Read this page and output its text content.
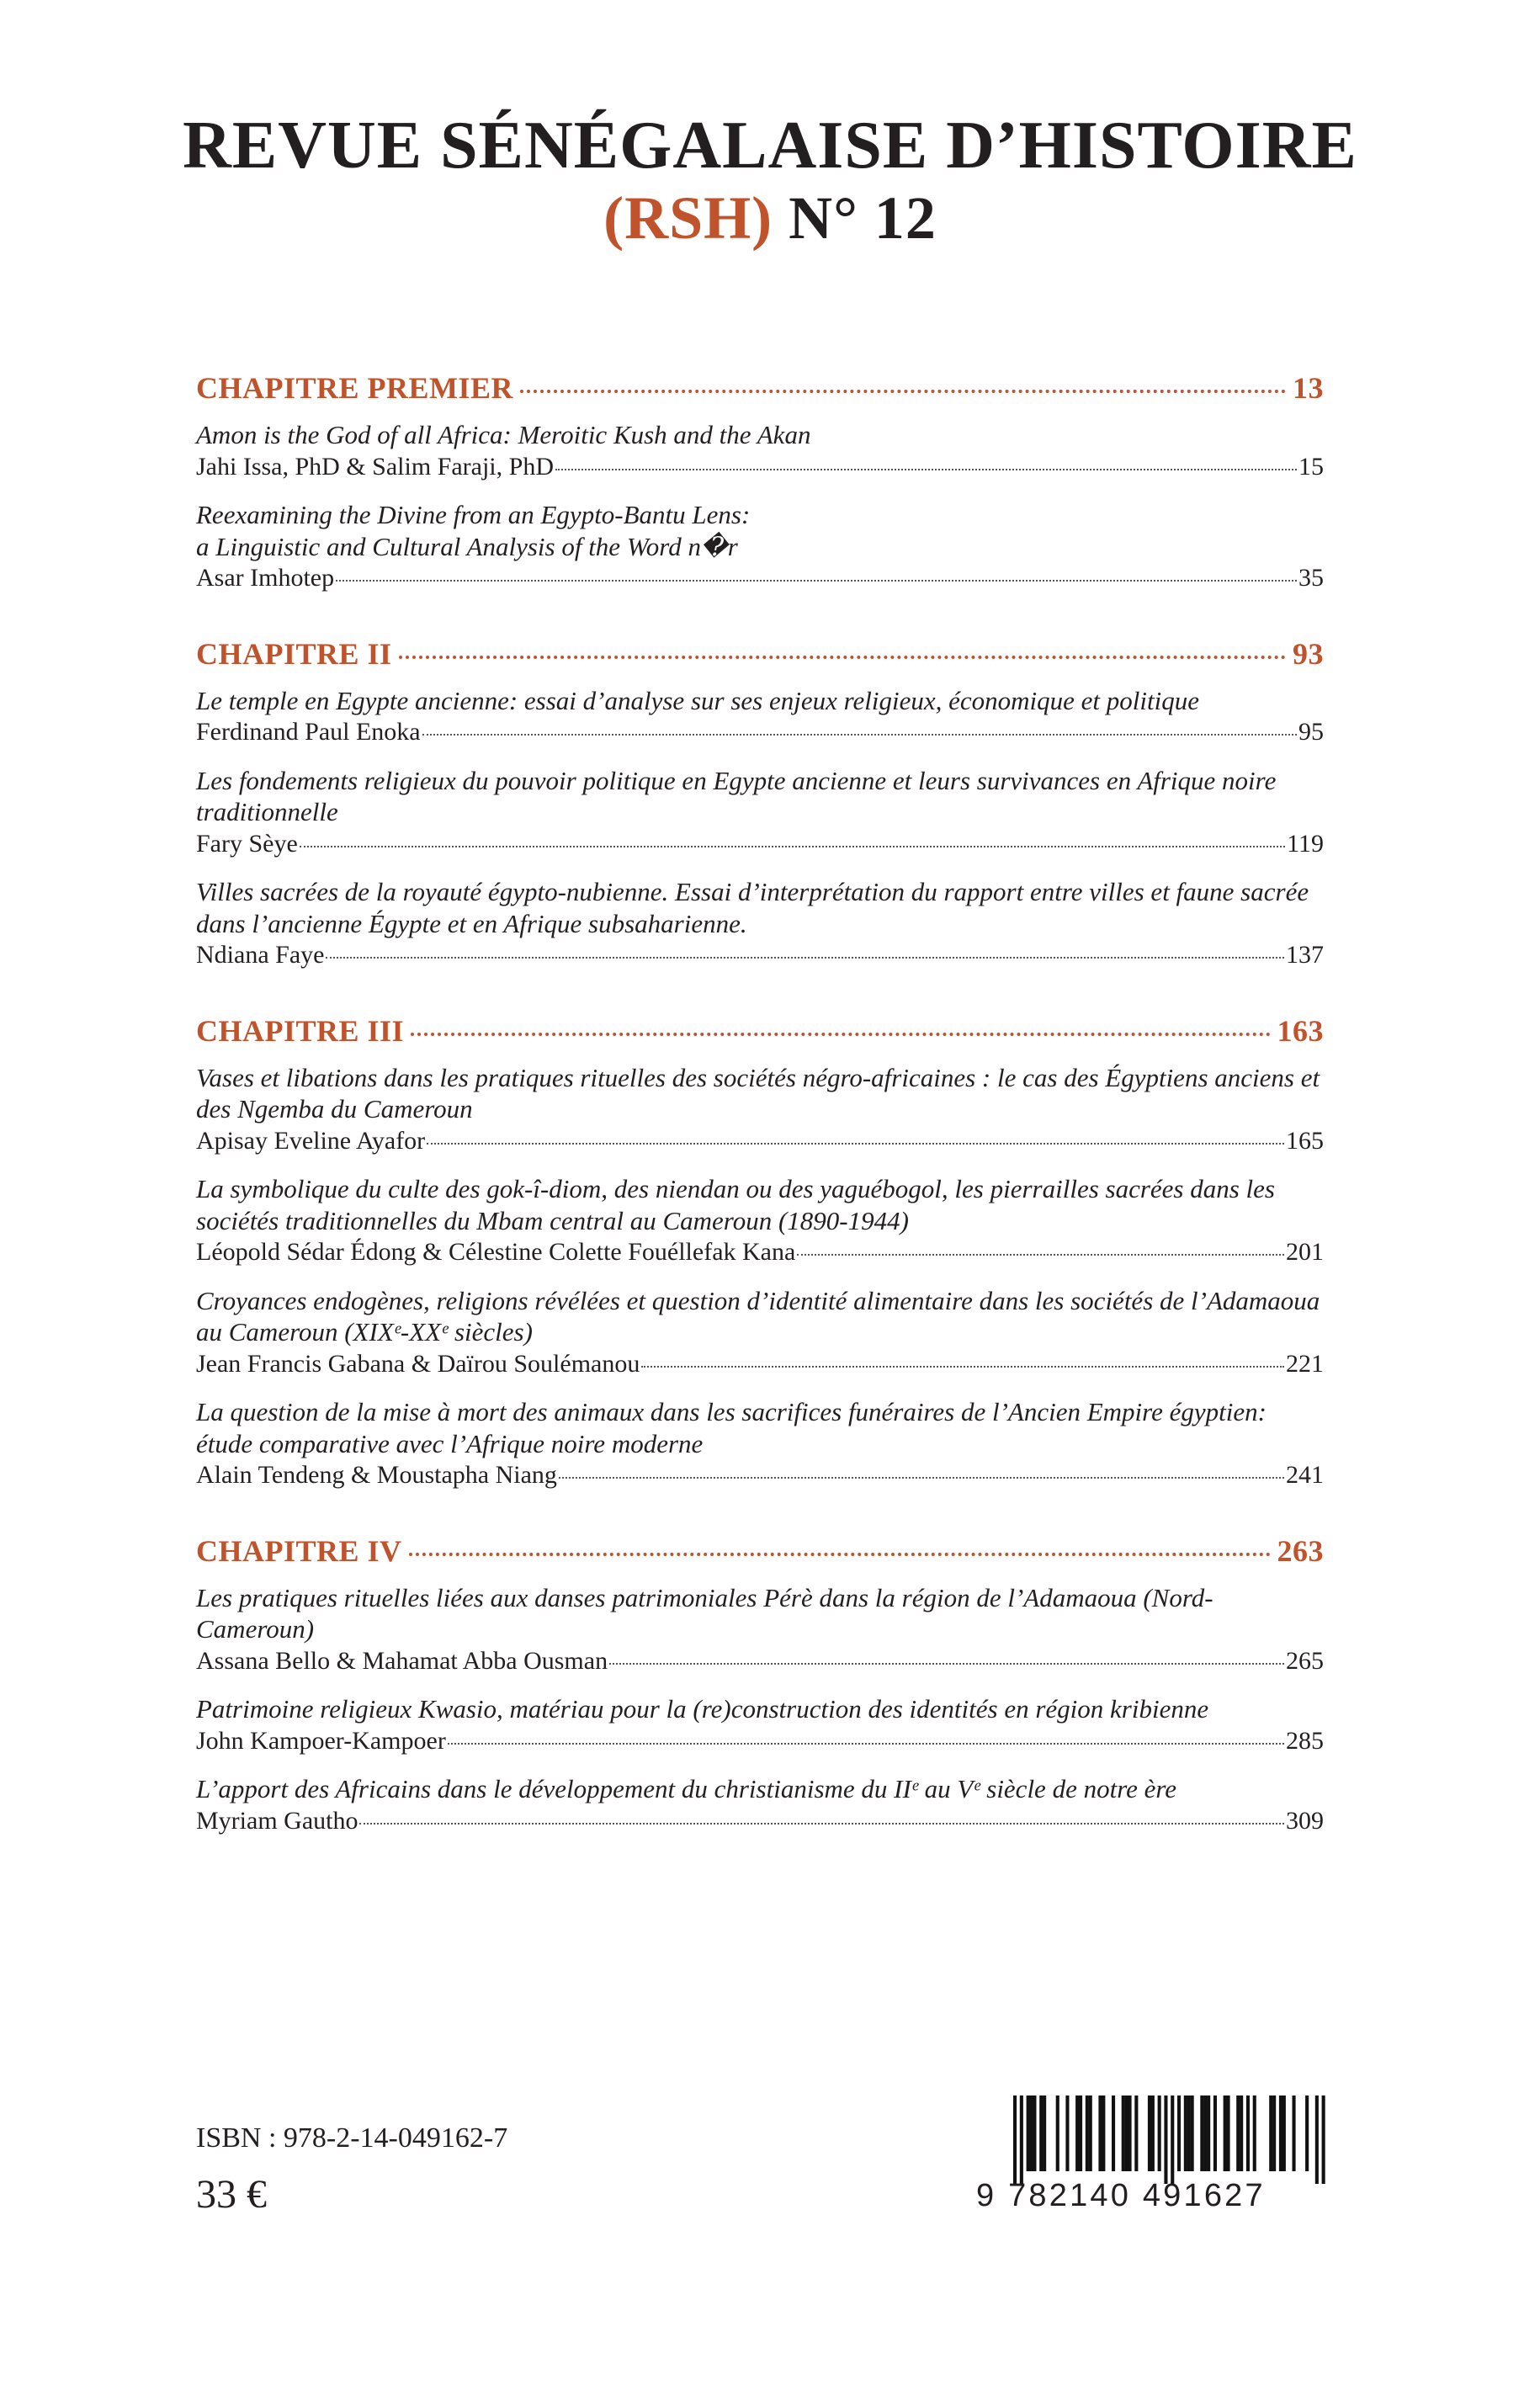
REVUE SÉNÉGALAISE D’HISTOIRE
(RSH) N° 12
CHAPITRE PREMIER	13
Amon is the God of all Africa: Meroitic Kush and the Akan
Jahi Issa, PhD & Salim Faraji, PhD	15
Reexamining the Divine from an Egypto-Bantu Lens:
a Linguistic and Cultural Analysis of the Word n�r
Asar Imhotep	35
CHAPITRE II	93
Le temple en Egypte ancienne: essai d’analyse sur ses enjeux religieux, économique et politique
Ferdinand Paul Enoka	95
Les fondements religieux du pouvoir politique en Egypte ancienne et leurs survivances en Afrique noire traditionnelle
Fary Sèye	119
Villes sacrées de la royauté égypto-nubienne. Essai d’interprétation du rapport entre villes et faune sacrée dans l’ancienne Égypte et en Afrique subsaharienne.
Ndiana Faye	137
CHAPITRE III	163
Vases et libations dans les pratiques rituelles des sociétés négro-africaines : le cas des Égyptiens anciens et des Ngemba du Cameroun
Apisay Eveline Ayafor	165
La symbolique du culte des gok-î-diom, des niendan ou des yaguébogol, les pierrailles sacrées dans les sociétés traditionnelles du Mbam central au Cameroun (1890-1944)
Léopold Sédar Édong & Célestine Colette Fouéllefak Kana	201
Croyances endogènes, religions révélées et question d’identité alimentaire dans les sociétés de l’Adamaoua au Cameroun (XIXᵉ-XXᵉ siècles)
Jean Francis Gabana & Daïrou Soulémanou	221
La question de la mise à mort des animaux dans les sacrifices funéraires de l’Ancien Empire égyptien: étude comparative avec l’Afrique noire moderne
Alain Tendeng & Moustapha Niang	241
CHAPITRE IV	263
Les pratiques rituelles liées aux danses patrimoniales Pérè dans la région de l’Adamaoua (Nord-Cameroun)
Assana Bello & Mahamat Abba Ousman	265
Patrimoine religieux Kwasio, matériau pour la (re)construction des identités en région kribienne
John Kampoer-Kampoer	285
L’apport des Africains dans le développement du christianisme du IIᵉ au Vᵉ siècle de notre ère
Myriam Gautho	309
ISBN : 978-2-14-049162-7
33 €	9 782140 491627
